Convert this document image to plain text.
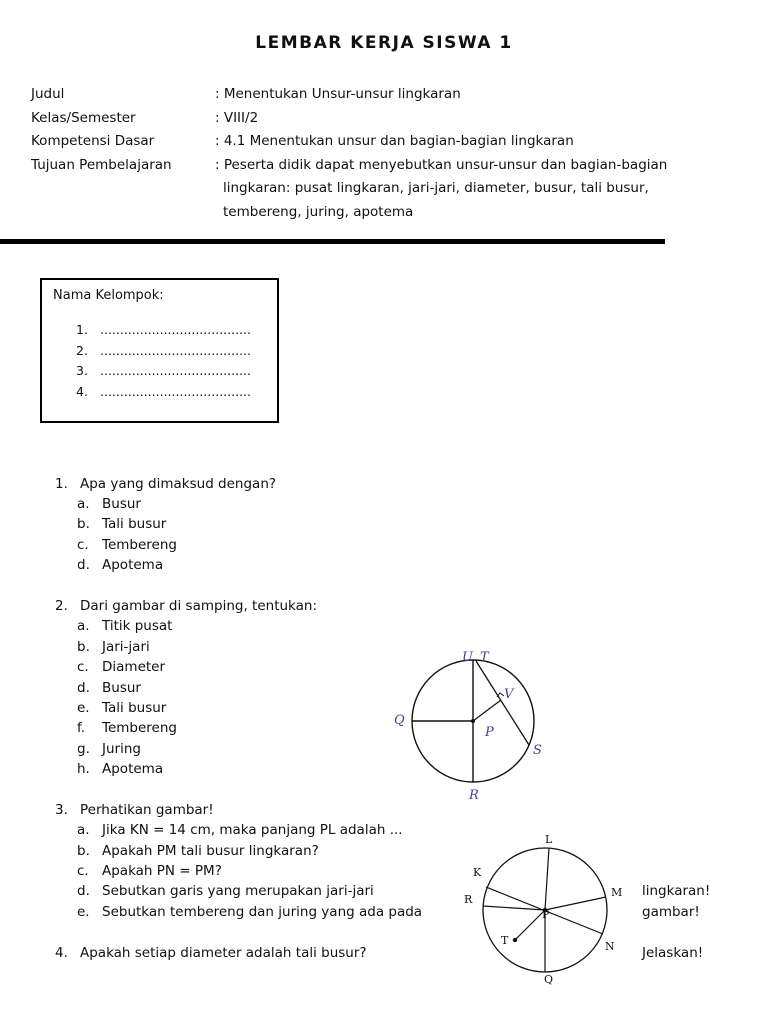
LEMBAR KERJA SISWA 1
Judul	: Menentukan Unsur-unsur lingkaran
Kelas/Semester	: VIII/2
Kompetensi Dasar	: 4.1 Menentukan unsur dan bagian-bagian lingkaran
Tujuan Pembelajaran	: Peserta didik dapat menyebutkan unsur-unsur dan bagian-bagian
lingkaran: pusat lingkaran, jari-jari, diameter, busur, tali busur,
tembereng, juring, apotema
Nama Kelompok:
1. ......................................
2. ......................................
3. ......................................
4. ......................................
1. Apa yang dimaksud dengan?
a. Busur
b. Tali busur
c. Tembereng
d. Apotema
2. Dari gambar di samping, tentukan:
a. Titik pusat
b. Jari-jari
c. Diameter
d. Busur
e. Tali busur
f. Tembereng
g. Juring
h. Apotema
U T
V
Q
P
S
R
3. Perhatikan gambar!
a. Jika KN = 14 cm, maka panjang PL adalah ...
b. Apakah PM tali busur lingkaran?
c. Apakah PN = PM?
d. Sebutkan garis yang merupakan jari-jari
e. Sebutkan tembereng dan juring yang ada pada
lingkaran!
gambar!
L
K
M
R
P
T	N
Q
4. Apakah setiap diameter adalah tali busur?	Jelaskan!
